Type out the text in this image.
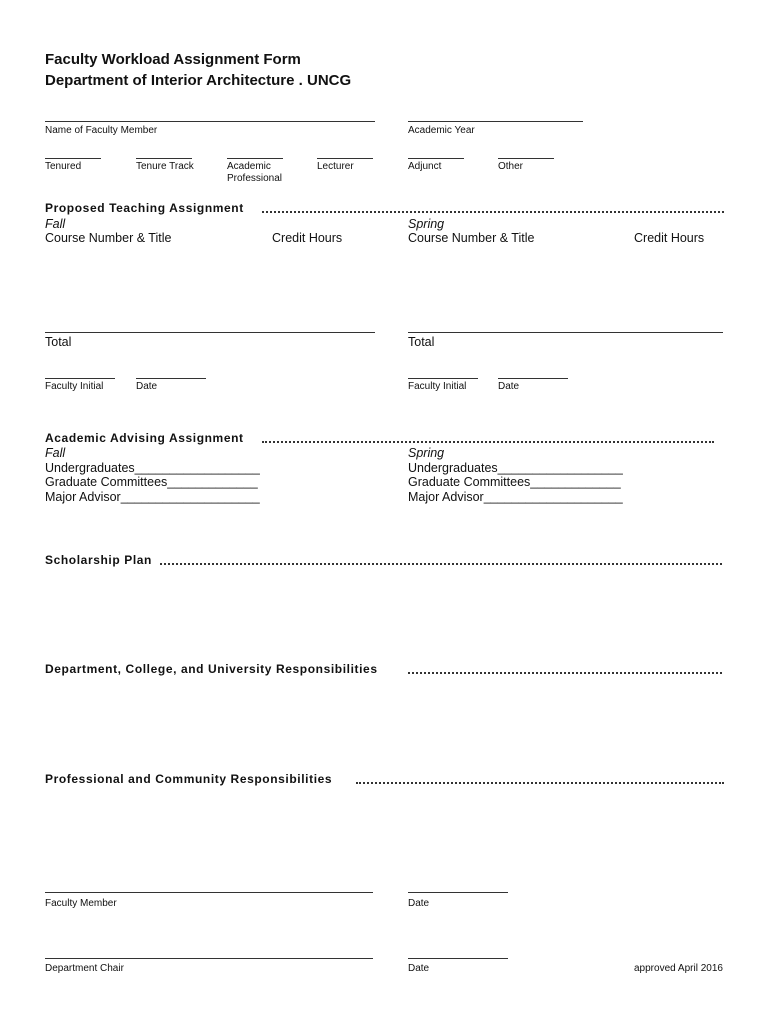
Faculty Workload Assignment Form
Department of Interior Architecture . UNCG
Name of Faculty Member	Academic Year
Tenured	Tenure Track	Academic
Professional
Lecturer	Adjunct	Other
Proposed Teaching Assignment
Fall
Course Number & Title	Credit Hours
Spring
Course Number & Title	Credit Hours
Total	Total
Faculty Initial	Date	Faculty Initial	Date
Academic Advising Assignment
Fall
Undergraduates__________________
Graduate Committees_____________
Major Advisor____________________
Spring
Undergraduates__________________
Graduate Committees_____________
Major Advisor____________________
Scholarship Plan
Department, College, and University Responsibilities
Professional and Community Responsibilities
Faculty Member	Date
Department Chair	Date	approved April 2016
